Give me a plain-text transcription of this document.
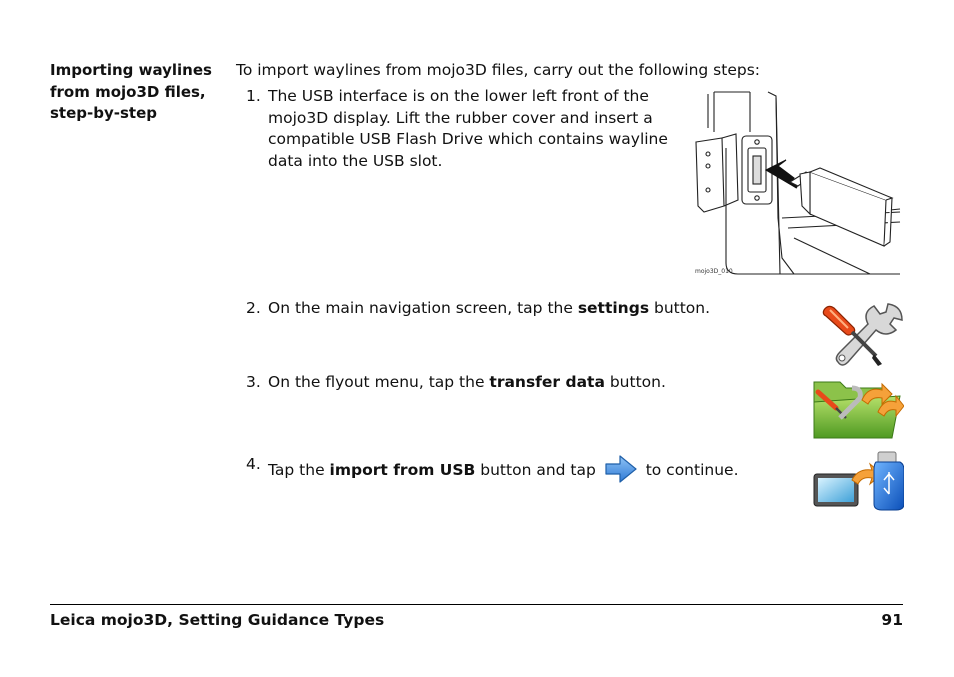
Importing waylines from mojo3D files, step-by-step
To import waylines from mojo3D files, carry out the following steps:
1. The USB interface is on the lower left front of the mojo3D display. Lift the rubber cover and insert a compatible USB Flash Drive which contains wayline data into the USB slot.
mojo3D_010
2. On the main navigation screen, tap the settings button.
3. On the flyout menu, tap the transfer data button.
4. Tap the import from USB button and tap	to continue.
Leica mojo3D, Setting Guidance Types	91
